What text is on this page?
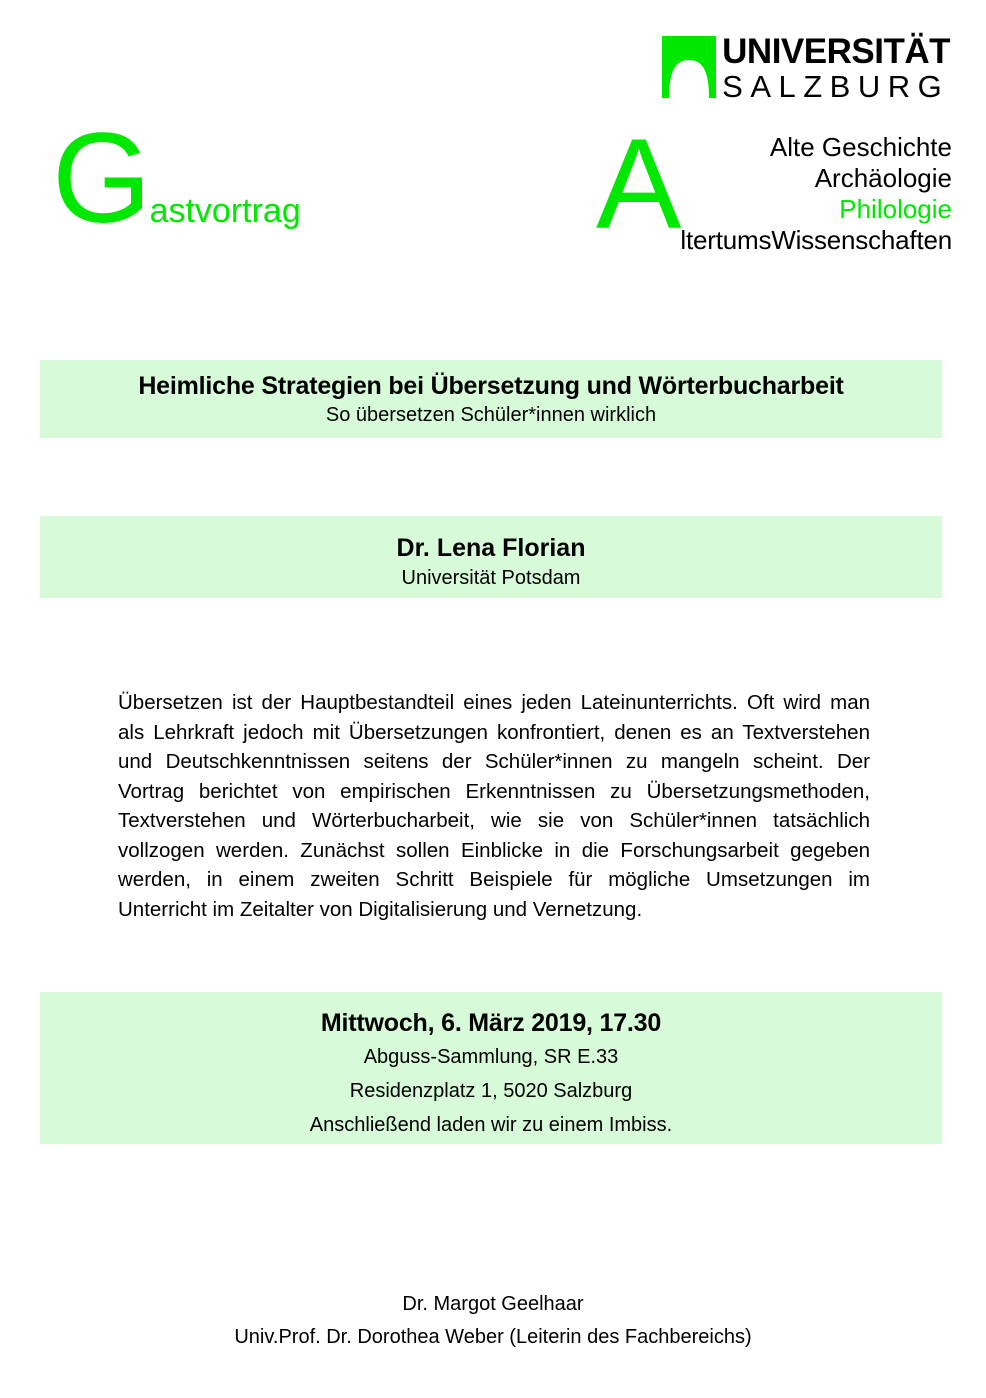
UNIVERSITÄT
SALZBURG
Gastvortrag A	Alte Geschichte
Archäologie
Philologie
ltertumsWissenschaften
Heimliche Strategien bei Übersetzung und Wörterbucharbeit
So übersetzen Schüler*innen wirklich
Dr. Lena Florian
Universität Potsdam
Übersetzen ist der Hauptbestandteil eines jeden Lateinunterrichts. Oft wird man als Lehrkraft jedoch mit Übersetzungen konfrontiert, denen es an Textverstehen und Deutschkenntnissen seitens der Schüler*innen zu mangeln scheint. Der Vortrag berichtet von empirischen Erkenntnissen zu Übersetzungsmethoden, Textverstehen und Wörterbucharbeit, wie sie von Schüler*innen tatsächlich vollzogen werden. Zunächst sollen Einblicke in die Forschungsarbeit gegeben werden, in einem zweiten Schritt Beispiele für mögliche Umsetzungen im Unterricht im Zeitalter von Digitalisierung und Vernetzung.
Mittwoch, 6. März 2019, 17.30
Abguss-Sammlung, SR E.33
Residenzplatz 1, 5020 Salzburg
Anschließend laden wir zu einem Imbiss.
Dr. Margot Geelhaar
Univ.Prof. Dr. Dorothea Weber (Leiterin des Fachbereichs)
